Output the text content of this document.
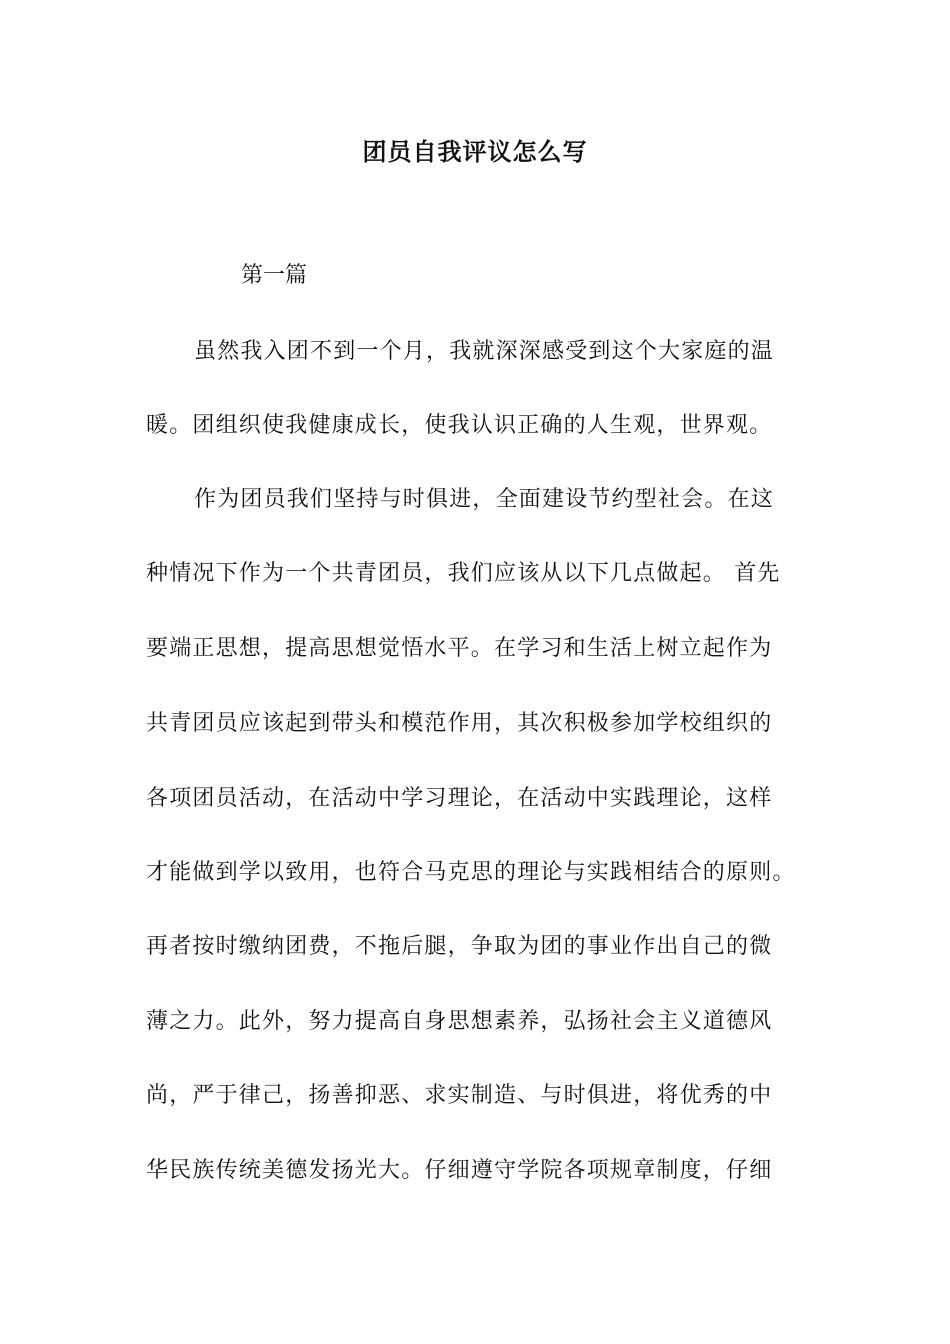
团员自我评议怎么写
第一篇
虽然我入团不到一个月，我就深深感受到这个大家庭的温
暖。团组织使我健康成长，使我认识正确的人生观，世界观。
作为团员我们坚持与时俱进，全面建设节约型社会。在这
种情况下作为一个共青团员，我们应该从以下几点做起。 首先
要端正思想，提高思想觉悟水平。在学习和生活上树立起作为
共青团员应该起到带头和模范作用，其次积极参加学校组织的
各项团员活动，在活动中学习理论，在活动中实践理论，这样
才能做到学以致用，也符合马克思的理论与实践相结合的原则。
再者按时缴纳团费，不拖后腿，争取为团的事业作出自己的微
薄之力。此外，努力提高自身思想素养，弘扬社会主义道德风
尚，严于律己，扬善抑恶、求实制造、与时俱进，将优秀的中
华民族传统美德发扬光大。仔细遵守学院各项规章制度，仔细
